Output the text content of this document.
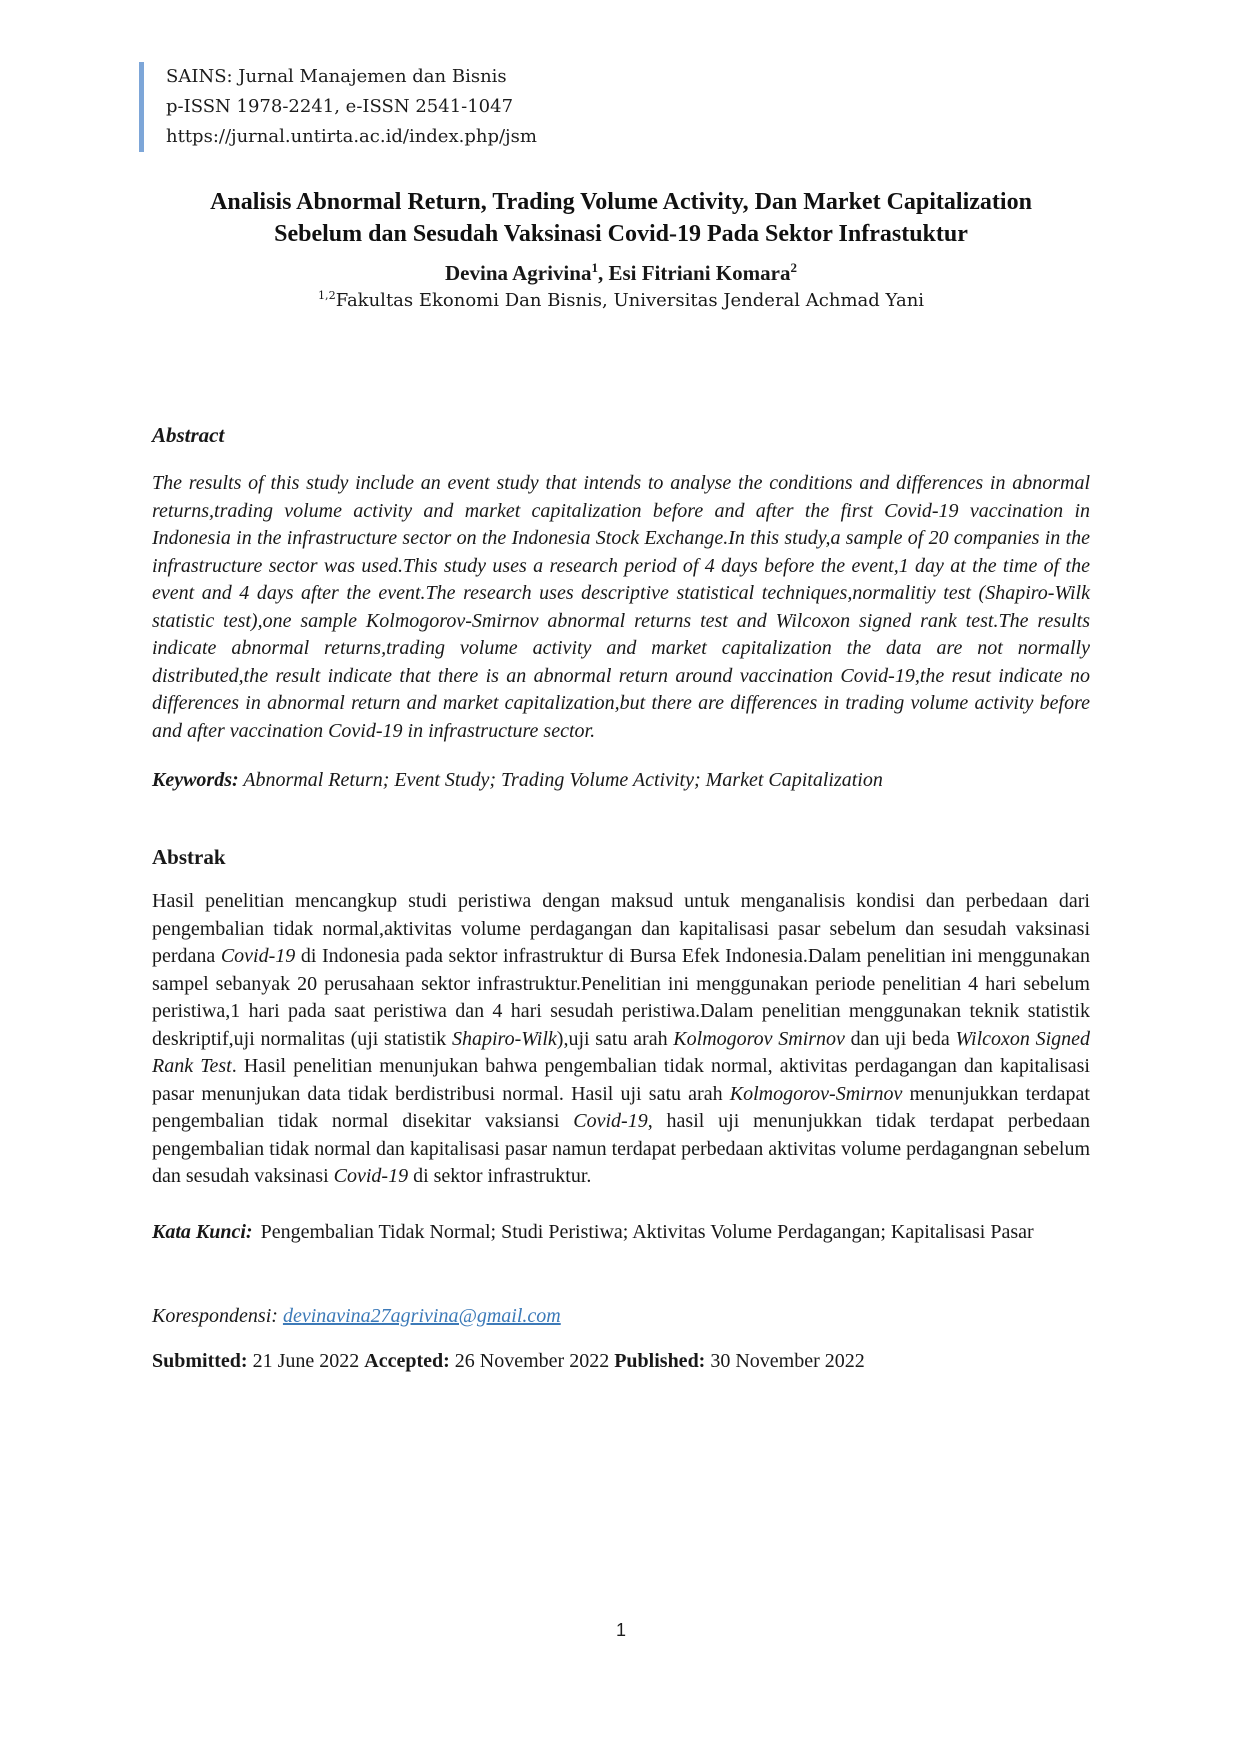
SAINS: Jurnal Manajemen dan Bisnis
p-ISSN 1978-2241, e-ISSN 2541-1047
https://jurnal.untirta.ac.id/index.php/jsm
Analisis Abnormal Return, Trading Volume Activity, Dan Market Capitalization
Sebelum dan Sesudah Vaksinasi Covid-19 Pada Sektor Infrastuktur
Devina Agrivina$^1$, Esi Fitriani Komara$^2$
$^{1,2}$Fakultas Ekonomi Dan Bisnis, Universitas Jenderal Achmad Yani
Abstract

The results of this study include an event study that intends to analyse the conditions and differences in abnormal returns,trading volume activity and market capitalization before and after the first Covid-19 vaccination in Indonesia in the infrastructure sector on the Indonesia Stock Exchange.In this study,a sample of 20 companies in the infrastructure sector was used.This study uses a research period of 4 days before the event,1 day at the time of the event and 4 days after the event.The research uses descriptive statistical techniques,normalitiy test (Shapiro-Wilk statistic test),one sample Kolmogorov-Smirnov abnormal returns test and Wilcoxon signed rank test.The results indicate abnormal returns,trading volume activity and market capitalization the data are not normally distributed,the result indicate that there is an abnormal return around vaccination Covid-19,the resut indicate no differences in abnormal return and market capitalization,but there are differences in trading volume activity before and after vaccination Covid-19 in infrastructure sector.

Keywords: Abnormal Return; Event Study; Trading Volume Activity; Market Capitalization
Abstrak

Hasil penelitian mencangkup studi peristiwa dengan maksud untuk menganalisis kondisi dan perbedaan dari pengembalian tidak normal,aktivitas volume perdagangan dan kapitalisasi pasar sebelum dan sesudah vaksinasi perdana Covid-19 di Indonesia pada sektor infrastruktur di Bursa Efek Indonesia.Dalam penelitian ini menggunakan sampel sebanyak 20 perusahaan sektor infrastruktur.Penelitian ini menggunakan periode penelitian 4 hari sebelum peristiwa,1 hari pada saat peristiwa dan 4 hari sesudah peristiwa.Dalam penelitian menggunakan teknik statistik deskriptif,uji normalitas (uji statistik Shapiro-Wilk),uji satu arah Kolmogorov Smirnov dan uji beda Wilcoxon Signed Rank Test. Hasil penelitian menunjukan bahwa pengembalian tidak normal, aktivitas perdagangan dan kapitalisasi pasar menunjukan data tidak berdistribusi normal. Hasil uji satu arah Kolmogorov-Smirnov menunjukkan terdapat pengembalian tidak normal disekitar vaksiansi Covid-19, hasil uji menunjukkan tidak terdapat perbedaan pengembalian tidak normal dan kapitalisasi pasar namun terdapat perbedaan aktivitas volume perdagangnan sebelum dan sesudah vaksinasi Covid-19 di sektor infrastruktur.

Kata Kunci: Pengembalian Tidak Normal; Studi Peristiwa; Aktivitas Volume Perdagangan; Kapitalisasi Pasar
Korespondensi: devinavina27agrivina@gmail.com
Submitted: 21 June 2022 Accepted: 26 November 2022 Published: 30 November 2022
1
